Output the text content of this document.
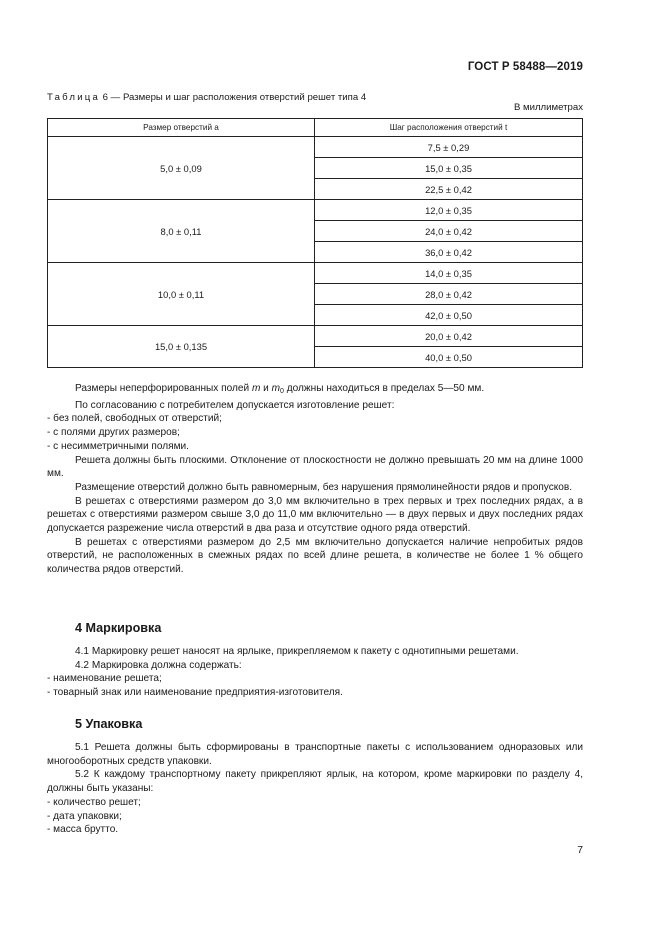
ГОСТ Р 58488—2019
Таблица 6 — Размеры и шаг расположения отверстий решет типа 4
В миллиметрах
Размер отверстий a	Шаг расположения отверстий t
5,0 ± 0,09	7,5 ± 0,29
	15,0 ± 0,35
	22,5 ± 0,42
8,0 ± 0,11	12,0 ± 0,35
	24,0 ± 0,42
	36,0 ± 0,42
10,0 ± 0,11	14,0 ± 0,35
	28,0 ± 0,42
	42,0 ± 0,50
15,0 ± 0,135	20,0 ± 0,42
	40,0 ± 0,50

Размеры неперфорированных полей m и $m_0$ должны находиться в пределах 5—50 мм.

По согласованию с потребителем допускается изготовление решет:

- без полей, свободных от отверстий;

- с полями других размеров;

- с несимметричными полями.

Решета должны быть плоскими. Отклонение от плоскостности не должно превышать 20 мм на длине 1000 мм.

Размещение отверстий должно быть равномерным, без нарушения прямолинейности рядов и пропусков.

В решетах с отверстиями размером до 3,0 мм включительно в трех первых и трех последних рядах, а в решетах с отверстиями размером свыше 3,0 до 11,0 мм включительно — в двух первых и двух последних рядах допускается разрежение числа отверстий в два раза и отсутствие одного ряда отверстий.

В решетах с отверстиями размером до 2,5 мм включительно допускается наличие непробитых рядов отверстий, не расположенных в смежных рядах по всей длине решета, в количестве не более 1 % общего количества рядов отверстий.

4 Маркировка

4.1 Маркировку решет наносят на ярлыке, прикрепляемом к пакету с однотипными решетами.

4.2 Маркировка должна содержать:

- наименование решета;

- товарный знак или наименование предприятия-изготовителя.

5 Упаковка

5.1 Решета должны быть сформированы в транспортные пакеты с использованием одноразовых или многооборотных средств упаковки.

5.2 К каждому транспортному пакету прикрепляют ярлык, на котором, кроме маркировки по разделу 4, должны быть указаны:

- количество решет;

- дата упаковки;

- масса брутто.

7
